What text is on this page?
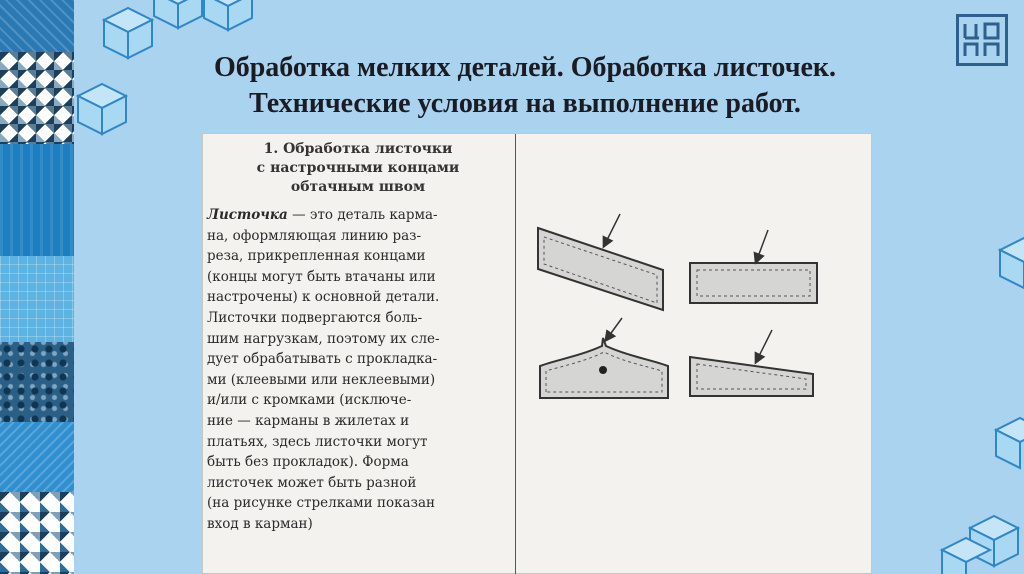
Обработка мелких деталей. Обработка листочек.
Технические условия на выполнение работ.
1. Обработка листочки
с настрочными концами
обтачным швом
Листочка — это деталь карма-
на, оформляющая линию раз-
реза, прикрепленная концами
(концы могут быть втачаны или
настрочены) к основной детали.
Листочки подвергаются боль-
шим нагрузкам, поэтому их сле-
дует обрабатывать с прокладка-
ми (клеевыми или неклеевыми)
и/или с кромками (исключе-
ние — карманы в жилетах и
платьях, здесь листочки могут
быть без прокладок). Форма
листочек может быть разной
(на рисунке стрелками показан
вход в карман)
